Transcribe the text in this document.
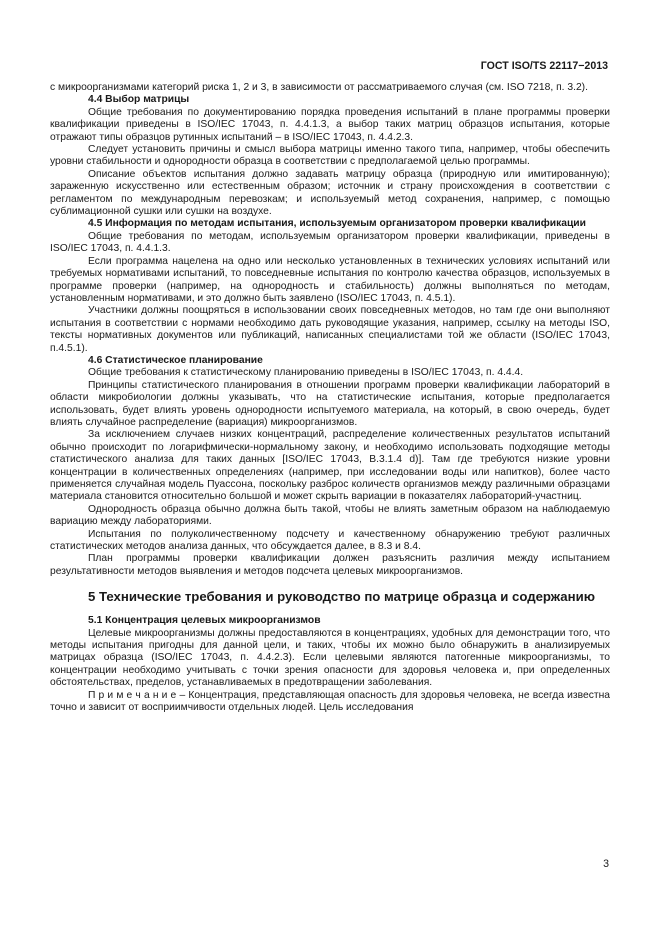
ГОСТ ISO/TS 22117−2013

с микроорганизмами категорий риска 1, 2 и 3, в зависимости от рассматриваемого случая (см. ISO 7218, п. 3.2).

4.4 Выбор матрицы

Общие требования по документированию порядка проведения испытаний в плане программы проверки квалификации приведены в ISO/IEC 17043, п. 4.4.1.3, а выбор таких матриц образцов испытания, которые отражают типы образцов рутинных испытаний – в ISO/IEC 17043, п. 4.4.2.3.

Следует установить причины и смысл выбора матрицы именно такого типа, например, чтобы обеспечить уровни стабильности и однородности образца в соответствии с предполагаемой целью программы.

Описание объектов испытания должно задавать матрицу образца (природную или имитированную); зараженную искусственно или естественным образом; источник и страну происхождения в соответствии с регламентом по международным перевозкам; и используемый метод сохранения, например, с помощью сублимационной сушки или сушки на воздухе.

4.5 Информация по методам испытания, используемым организатором проверки квалификации

Общие требования по методам, используемым организатором проверки квалификации, приведены в ISO/IEC 17043, п. 4.4.1.3.

Если программа нацелена на одно или несколько установленных в технических условиях испытаний или требуемых нормативами испытаний, то повседневные испытания по контролю качества образцов, используемых в программе проверки (например, на однородность и стабильность) должны выполняться по методам, установленным нормативами, и это должно быть заявлено (ISO/IEC 17043, п. 4.5.1).

Участники должны поощряться в использовании своих повседневных методов, но там где они выполняют испытания в соответствии с нормами необходимо дать руководящие указания, например, ссылку на методы ISO, тексты нормативных документов или публикаций, написанных специалистами той же области (ISO/IEC 17043, п.4.5.1).

4.6 Статистическое планирование

Общие требования к статистическому планированию приведены в ISO/IEC 17043, п. 4.4.4.

Принципы статистического планирования в отношении программ проверки квалификации лабораторий в области микробиологии должны указывать, что на статистические испытания, которые предполагается использовать, будет влиять уровень однородности испытуемого материала, на который, в свою очередь, будет влиять случайное распределение (вариация) микроорганизмов.

За исключением случаев низких концентраций, распределение количественных результатов испытаний обычно происходит по логарифмически-нормальному закону, и необходимо использовать подходящие методы статистического анализа для таких данных [ISO/IEC 17043, В.3.1.4 d)]. Там где требуются низкие уровни концентрации в количественных определениях (например, при исследовании воды или напитков), более часто применяется случайная модель Пуассона, поскольку разброс количеств организмов между различными образцами материала становится относительно большой и может скрыть вариации в показателях лабораторий-участниц.

Однородность образца обычно должна быть такой, чтобы не влиять заметным образом на наблюдаемую вариацию между лабораториями.

Испытания по полуколичественному подсчету и качественному обнаружению требуют различных статистических методов анализа данных, что обсуждается далее, в 8.3 и 8.4.

План программы проверки квалификации должен разъяснить различия между испытанием результативности методов выявления и методов подсчета целевых микроорганизмов.

5 Технические требования и руководство по матрице образца и содержанию

5.1 Концентрация целевых микроорганизмов

Целевые микроорганизмы должны предоставляются в концентрациях, удобных для демонстрации того, что методы испытания пригодны для данной цели, и таких, чтобы их можно было обнаружить в анализируемых матрицах образца (ISO/IEC 17043, п. 4.4.2.3). Если целевыми являются патогенные микроорганизмы, то концентрации необходимо учитывать с точки зрения опасности для здоровья человека и, при определенных обстоятельствах, пределов, устанавливаемых в предотвращении заболевания.

П р и м е ч а н и е – Концентрация, представляющая опасность для здоровья человека, не всегда известна точно и зависит от восприимчивости отдельных людей. Цель исследования

3
